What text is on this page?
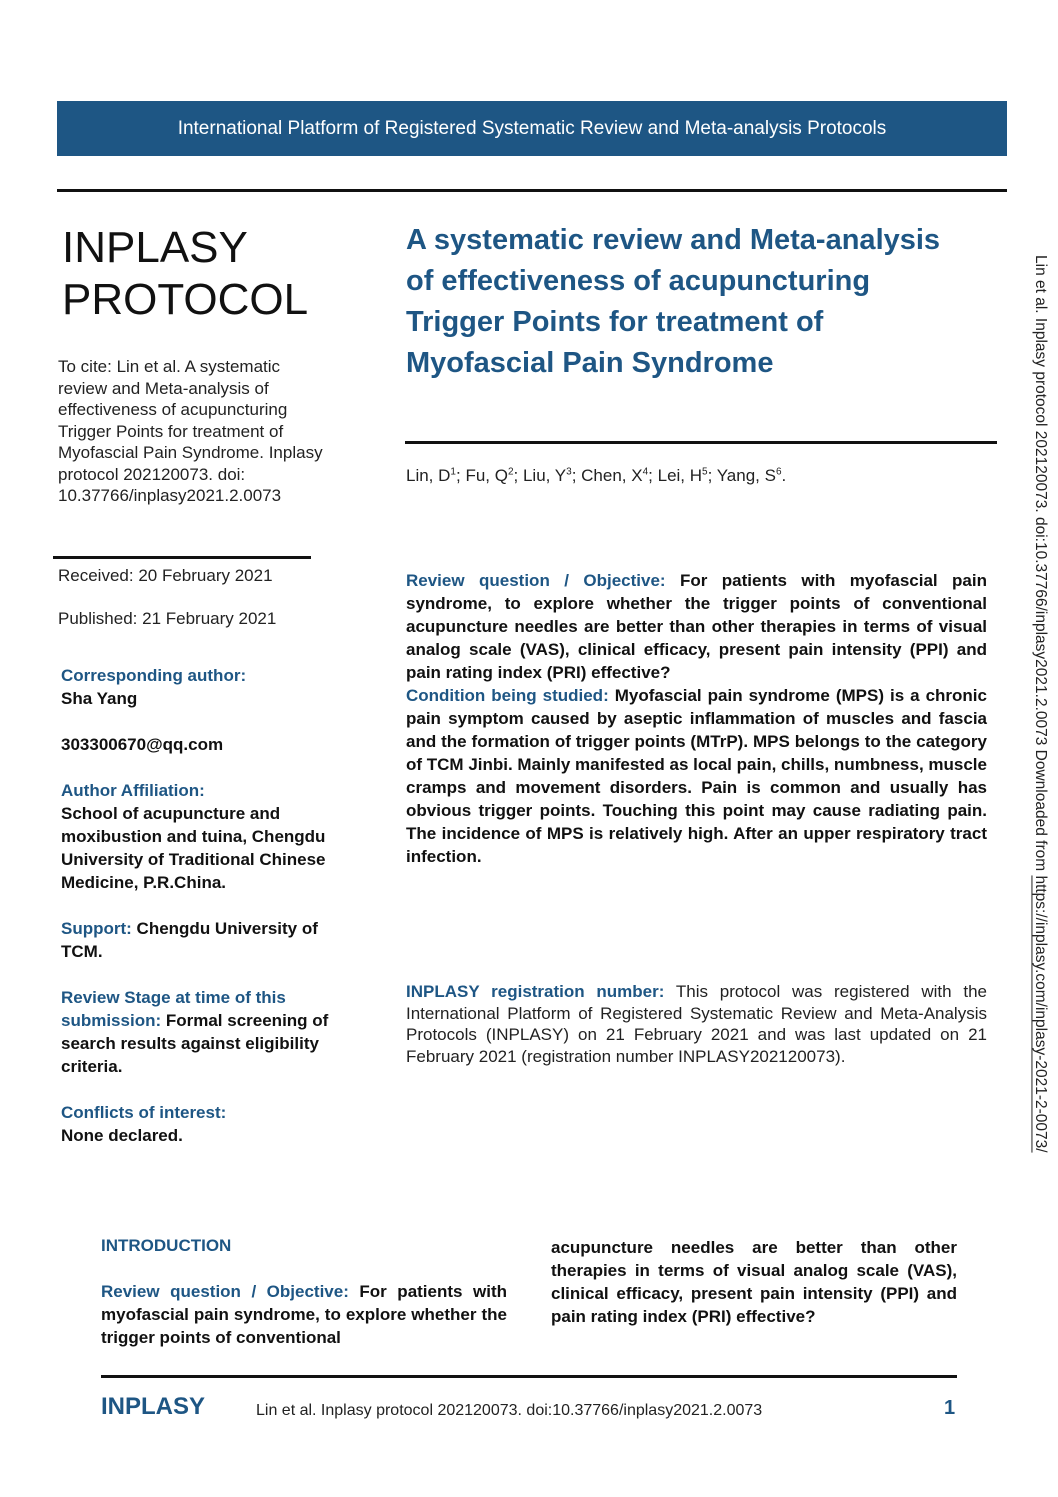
International Platform of Registered Systematic Review and Meta-analysis Protocols
INPLASY
PROTOCOL
To cite: Lin et al. A systematic review and Meta-analysis of effectiveness of acupuncturing Trigger Points for treatment of Myofascial Pain Syndrome. Inplasy protocol 202120073. doi: 10.37766/inplasy2021.2.0073
Received: 20 February 2021
Published: 21 February 2021
Corresponding author:
Sha Yang
303300670@qq.com
Author Affiliation:
School of acupuncture and moxibustion and tuina, Chengdu University of Traditional Chinese Medicine, P.R.China.
Support: Chengdu University of TCM.
Review Stage at time of this submission: Formal screening of search results against eligibility criteria.
Conflicts of interest:
None declared.
A systematic review and Meta-analysis of effectiveness of acupuncturing Trigger Points for treatment of Myofascial Pain Syndrome
Lin, $D^1$; Fu, $Q^2$; Liu, $Y^3$; Chen, $X^4$; Lei, $H^5$; Yang, $S^6$.

Review question / Objective: For patients with myofascial pain syndrome, to explore whether the trigger points of conventional acupuncture needles are better than other therapies in terms of visual analog scale (VAS), clinical efficacy, present pain intensity (PPI) and pain rating index (PRI) effective?

Condition being studied: Myofascial pain syndrome (MPS) is a chronic pain symptom caused by aseptic inflammation of muscles and fascia and the formation of trigger points (MTrP). MPS belongs to the category of TCM Jinbi. Mainly manifested as local pain, chills, numbness, muscle cramps and movement disorders. Pain is common and usually has obvious trigger points. Touching this point may cause radiating pain. The incidence of MPS is relatively high. After an upper respiratory tract infection.

INPLASY registration number: This protocol was registered with the International Platform of Registered Systematic Review and Meta-Analysis Protocols (INPLASY) on 21 February 2021 and was last updated on 21 February 2021 (registration number INPLASY202120073).
INTRODUCTION
Review question / Objective: For patients with myofascial pain syndrome, to explore whether the trigger points of conventional
acupuncture needles are better than other therapies in terms of visual analog scale (VAS), clinical efficacy, present pain intensity (PPI) and pain rating index (PRI) effective?
INPLASY	Lin et al. Inplasy protocol 202120073. doi:10.37766/inplasy2021.2.0073	1
Lin et al. Inplasy protocol 202120073. doi:10.37766/inplasy2021.2.0073 Downloaded from https://inplasy.com/inplasy-2021-2-0073/
